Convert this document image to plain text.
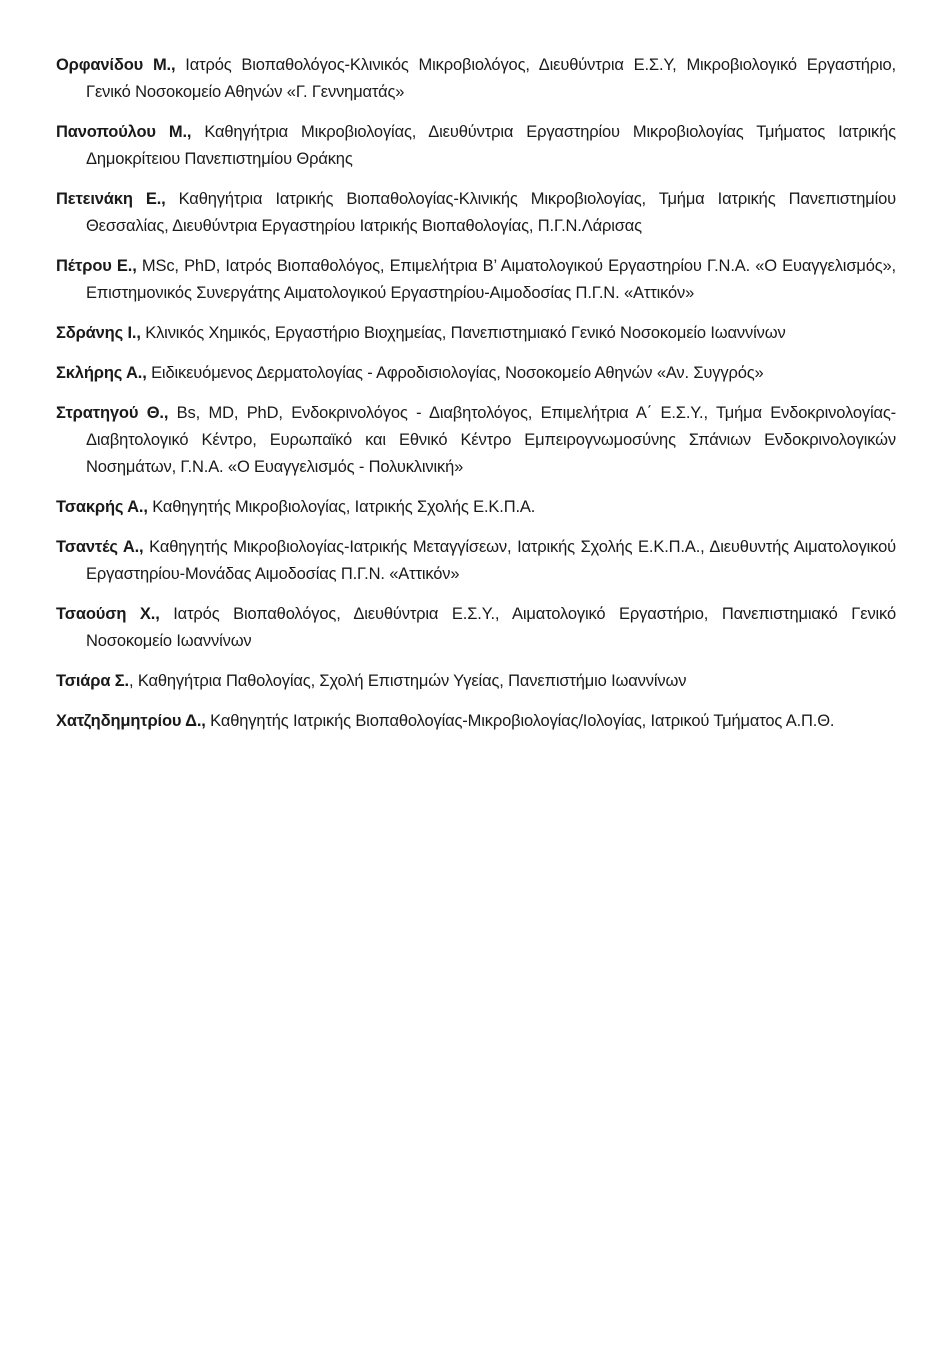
Ορφανίδου Μ., Ιατρός Βιοπαθολόγος-Κλινικός Μικροβιολόγος, Διευθύντρια Ε.Σ.Υ, Μικροβιολογικό Εργαστήριο, Γενικό Νοσοκομείο Αθηνών «Γ. Γεννηματάς»

Πανοπούλου Μ., Καθηγήτρια Μικροβιολογίας, Διευθύντρια Εργαστηρίου Μικροβιολογίας Τμήματος Ιατρικής Δημοκρίτειου Πανεπιστημίου Θράκης

Πετεινάκη Ε., Καθηγήτρια Ιατρικής Βιοπαθολογίας-Κλινικής Μικροβιολογίας, Τμήμα Ιατρικής Πανεπιστημίου Θεσσαλίας, Διευθύντρια Εργαστηρίου Ιατρικής Βιοπαθολογίας, Π.Γ.Ν.Λάρισας

Πέτρου Ε., MSc, PhD, Ιατρός Βιοπαθολόγος, Επιμελήτρια Β’ Αιματολογικού Εργαστηρίου Γ.Ν.Α. «Ο Ευαγγελισμός», Επιστημονικός Συνεργάτης Αιματολογικού Εργαστηρίου-Αιμοδοσίας Π.Γ.Ν. «Αττικόν»

Σδράνης Ι., Κλινικός Χημικός, Εργαστήριο Βιοχημείας, Πανεπιστημιακό Γενικό Νοσοκομείο Ιωαννίνων

Σκλήρης Α., Ειδικευόμενος Δερματολογίας - Αφροδισιολογίας, Νοσοκομείο Αθηνών «Αν. Συγγρός»

Στρατηγού Θ., Bs, MD, PhD, Ενδοκρινολόγος - Διαβητολόγος, Επιμελήτρια Α΄ Ε.Σ.Υ., Τμήμα Ενδοκρινολογίας-Διαβητολογικό Κέντρο, Ευρωπαϊκό και Εθνικό Κέντρο Εμπειρογνωμοσύνης Σπάνιων Ενδοκρινολογικών Νοσημάτων, Γ.Ν.Α. «Ο Ευαγγελισμός - Πολυκλινική»

Τσακρής Α., Καθηγητής Μικροβιολογίας, Ιατρικής Σχολής Ε.Κ.Π.Α.

Τσαντές Α., Καθηγητής Μικροβιολογίας-Ιατρικής Μεταγγίσεων, Ιατρικής Σχολής Ε.Κ.Π.Α., Διευθυντής Αιματολογικού Εργαστηρίου-Μονάδας Αιμοδοσίας Π.Γ.Ν. «Αττικόν»

Τσαούση Χ., Ιατρός Βιοπαθολόγος, Διευθύντρια Ε.Σ.Υ., Αιματολογικό Εργαστήριο, Πανεπιστημιακό Γενικό Νοσοκομείο Ιωαννίνων

Τσιάρα Σ., Καθηγήτρια Παθολογίας, Σχολή Επιστημών Υγείας, Πανεπιστήμιο Ιωαννίνων

Χατζηδημητρίου Δ., Καθηγητής Ιατρικής Βιοπαθολογίας-Μικροβιολογίας/Ιολογίας, Ιατρικού Τμήματος Α.Π.Θ.
